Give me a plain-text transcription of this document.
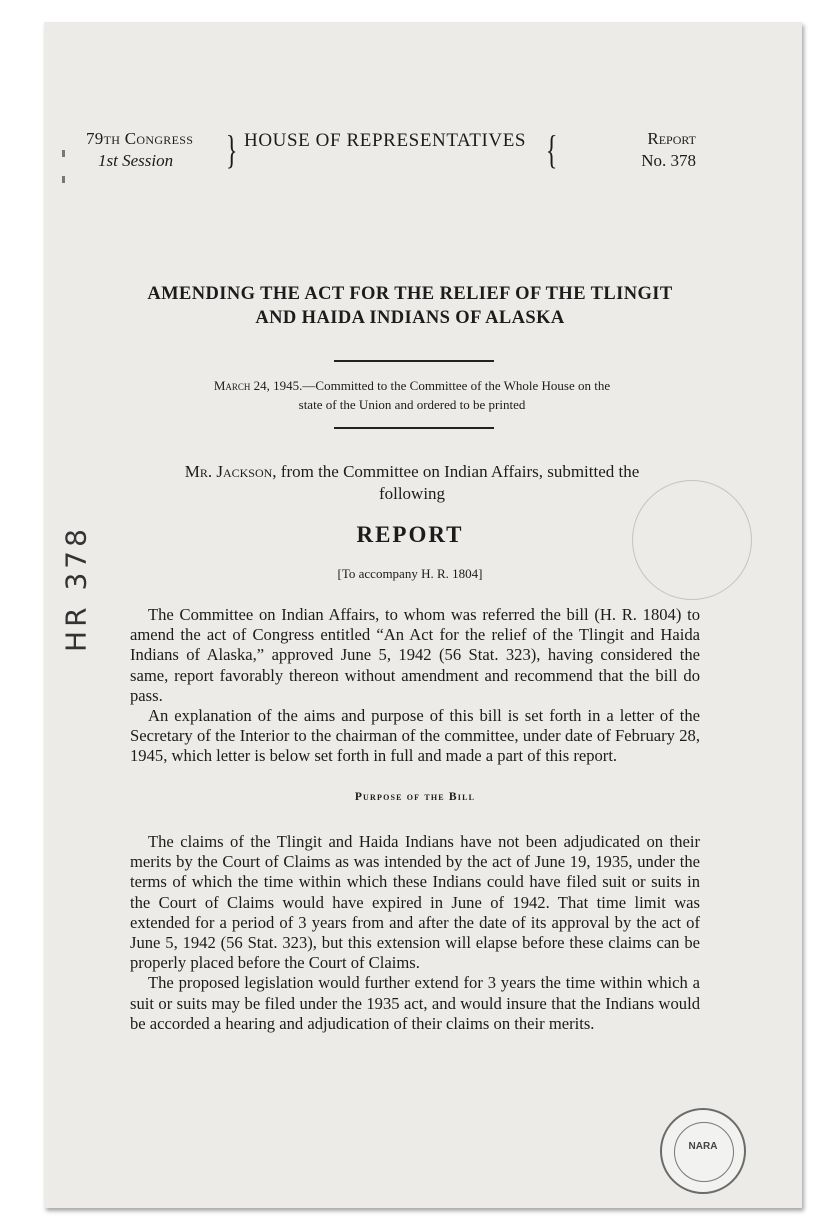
79th Congress
1st Session	} HOUSE OF REPRESENTATIVES {	Report
No. 378
AMENDING THE ACT FOR THE RELIEF OF THE TLINGIT
AND HAIDA INDIANS OF ALASKA
March 24, 1945.—Committed to the Committee of the Whole House on the
state of the Union and ordered to be printed
Mr. Jackson, from the Committee on Indian Affairs, submitted the
following
REPORT
[To accompany H. R. 1804]

The Committee on Indian Affairs, to whom was referred the bill (H. R. 1804) to amend the act of Congress entitled “An Act for the relief of the Tlingit and Haida Indians of Alaska,” approved June 5, 1942 (56 Stat. 323), having considered the same, report favorably thereon without amendment and recommend that the bill do pass.

An explanation of the aims and purpose of this bill is set forth in a letter of the Secretary of the Interior to the chairman of the committee, under date of February 28, 1945, which letter is below set forth in full and made a part of this report.

Purpose of the Bill

The claims of the Tlingit and Haida Indians have not been adjudicated on their merits by the Court of Claims as was intended by the act of June 19, 1935, under the terms of which the time within which these Indians could have filed suit or suits in the Court of Claims would have expired in June of 1942. That time limit was extended for a period of 3 years from and after the date of its approval by the act of June 5, 1942 (56 Stat. 323), but this extension will elapse before these claims can be properly placed before the Court of Claims.

The proposed legislation would further extend for 3 years the time within which a suit or suits may be filed under the 1935 act, and would insure that the Indians would be accorded a hearing and adjudication of their claims on their merits.

HR 378
NARA
